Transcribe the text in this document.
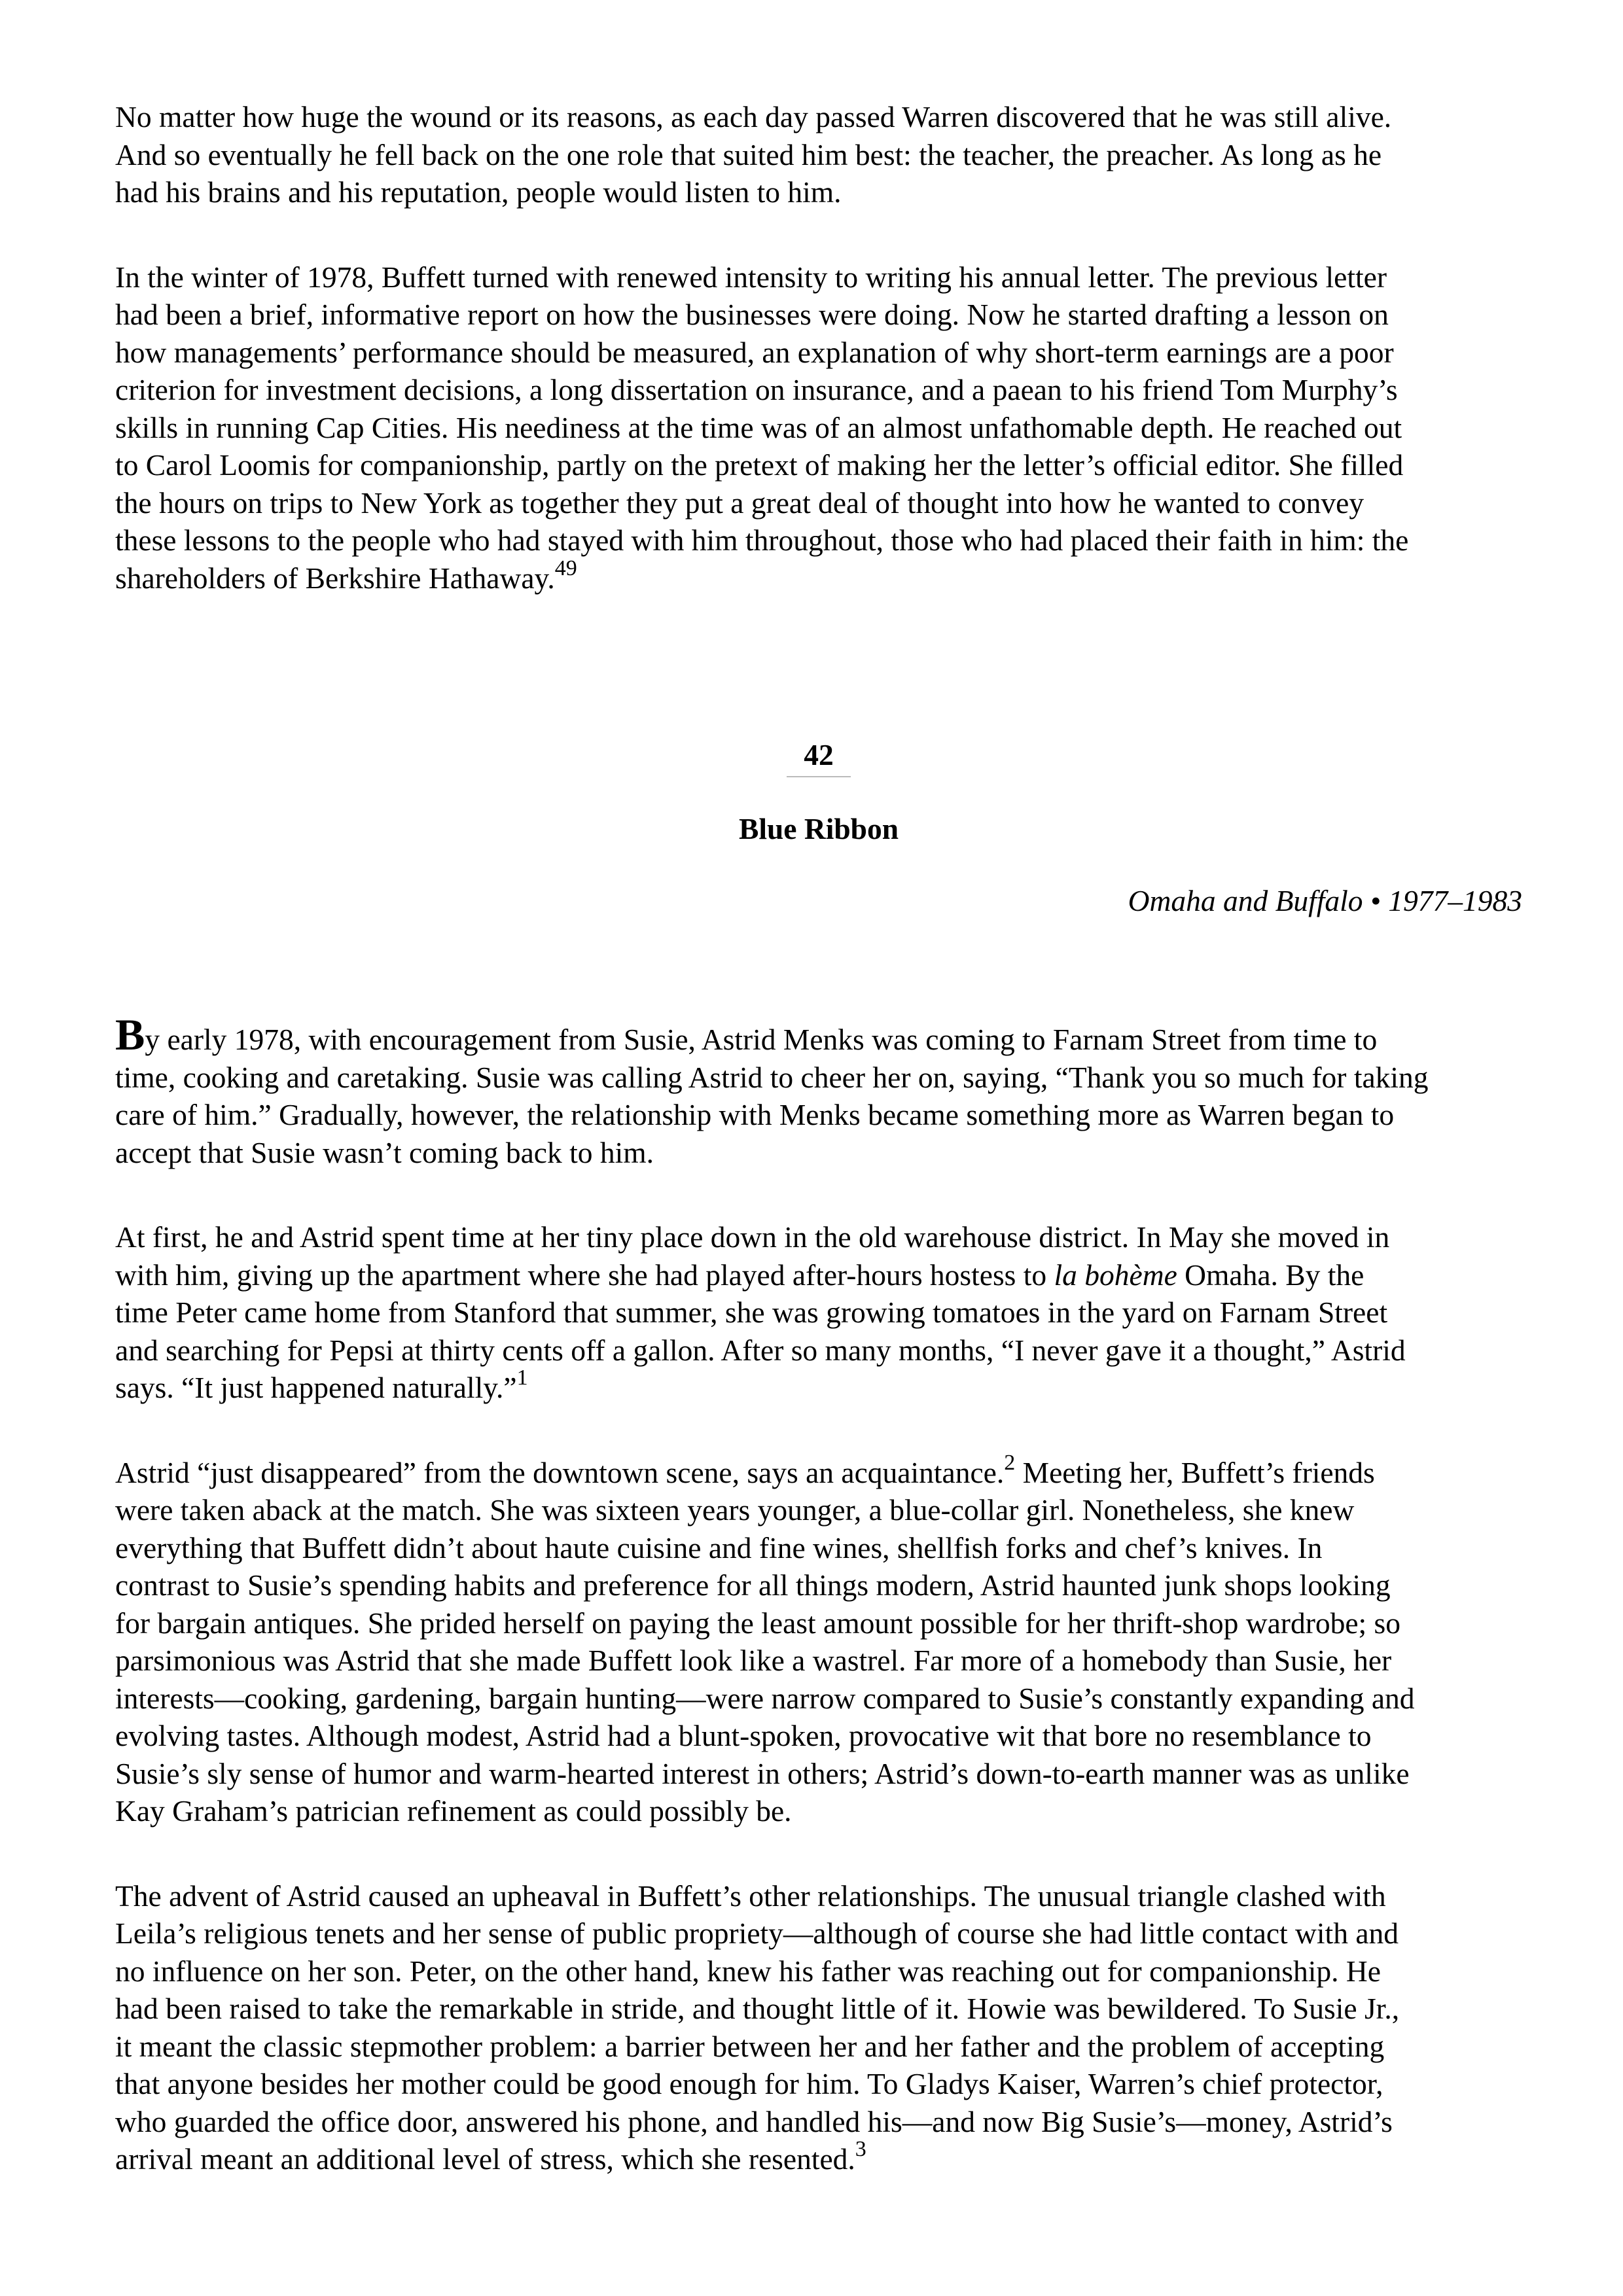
No matter how huge the wound or its reasons, as each day passed Warren discovered that he was still alive.
And so eventually he fell back on the one role that suited him best: the teacher, the preacher. As long as he
had his brains and his reputation, people would listen to him.

In the winter of 1978, Buffett turned with renewed intensity to writing his annual letter. The previous letter
had been a brief, informative report on how the businesses were doing. Now he started drafting a lesson on
how managements’ performance should be measured, an explanation of why short-term earnings are a poor
criterion for investment decisions, a long dissertation on insurance, and a paean to his friend Tom Murphy’s
skills in running Cap Cities. His neediness at the time was of an almost unfathomable depth. He reached out
to Carol Loomis for companionship, partly on the pretext of making her the letter’s official editor. She filled
the hours on trips to New York as together they put a great deal of thought into how he wanted to convey
these lessons to the people who had stayed with him throughout, those who had placed their faith in him: the
shareholders of Berkshire Hathaway.$^{49}$

42
Blue Ribbon
Omaha and Buffalo • 1977–1983

By early 1978, with encouragement from Susie, Astrid Menks was coming to Farnam Street from time to
time, cooking and caretaking. Susie was calling Astrid to cheer her on, saying, “Thank you so much for taking
care of him.” Gradually, however, the relationship with Menks became something more as Warren began to
accept that Susie wasn’t coming back to him.

At first, he and Astrid spent time at her tiny place down in the old warehouse district. In May she moved in
with him, giving up the apartment where she had played after-hours hostess to la bohème Omaha. By the
time Peter came home from Stanford that summer, she was growing tomatoes in the yard on Farnam Street
and searching for Pepsi at thirty cents off a gallon. After so many months, “I never gave it a thought,” Astrid
says. “It just happened naturally.”$^1$

Astrid “just disappeared” from the downtown scene, says an acquaintance.$^2$ Meeting her, Buffett’s friends
were taken aback at the match. She was sixteen years younger, a blue-collar girl. Nonetheless, she knew
everything that Buffett didn’t about haute cuisine and fine wines, shellfish forks and chef’s knives. In
contrast to Susie’s spending habits and preference for all things modern, Astrid haunted junk shops looking
for bargain antiques. She prided herself on paying the least amount possible for her thrift-shop wardrobe; so
parsimonious was Astrid that she made Buffett look like a wastrel. Far more of a homebody than Susie, her
interests—cooking, gardening, bargain hunting—were narrow compared to Susie’s constantly expanding and
evolving tastes. Although modest, Astrid had a blunt-spoken, provocative wit that bore no resemblance to
Susie’s sly sense of humor and warm-hearted interest in others; Astrid’s down-to-earth manner was as unlike
Kay Graham’s patrician refinement as could possibly be.

The advent of Astrid caused an upheaval in Buffett’s other relationships. The unusual triangle clashed with
Leila’s religious tenets and her sense of public propriety—although of course she had little contact with and
no influence on her son. Peter, on the other hand, knew his father was reaching out for companionship. He
had been raised to take the remarkable in stride, and thought little of it. Howie was bewildered. To Susie Jr.,
it meant the classic stepmother problem: a barrier between her and her father and the problem of accepting
that anyone besides her mother could be good enough for him. To Gladys Kaiser, Warren’s chief protector,
who guarded the office door, answered his phone, and handled his—and now Big Susie’s—money, Astrid’s
arrival meant an additional level of stress, which she resented.$^3$
